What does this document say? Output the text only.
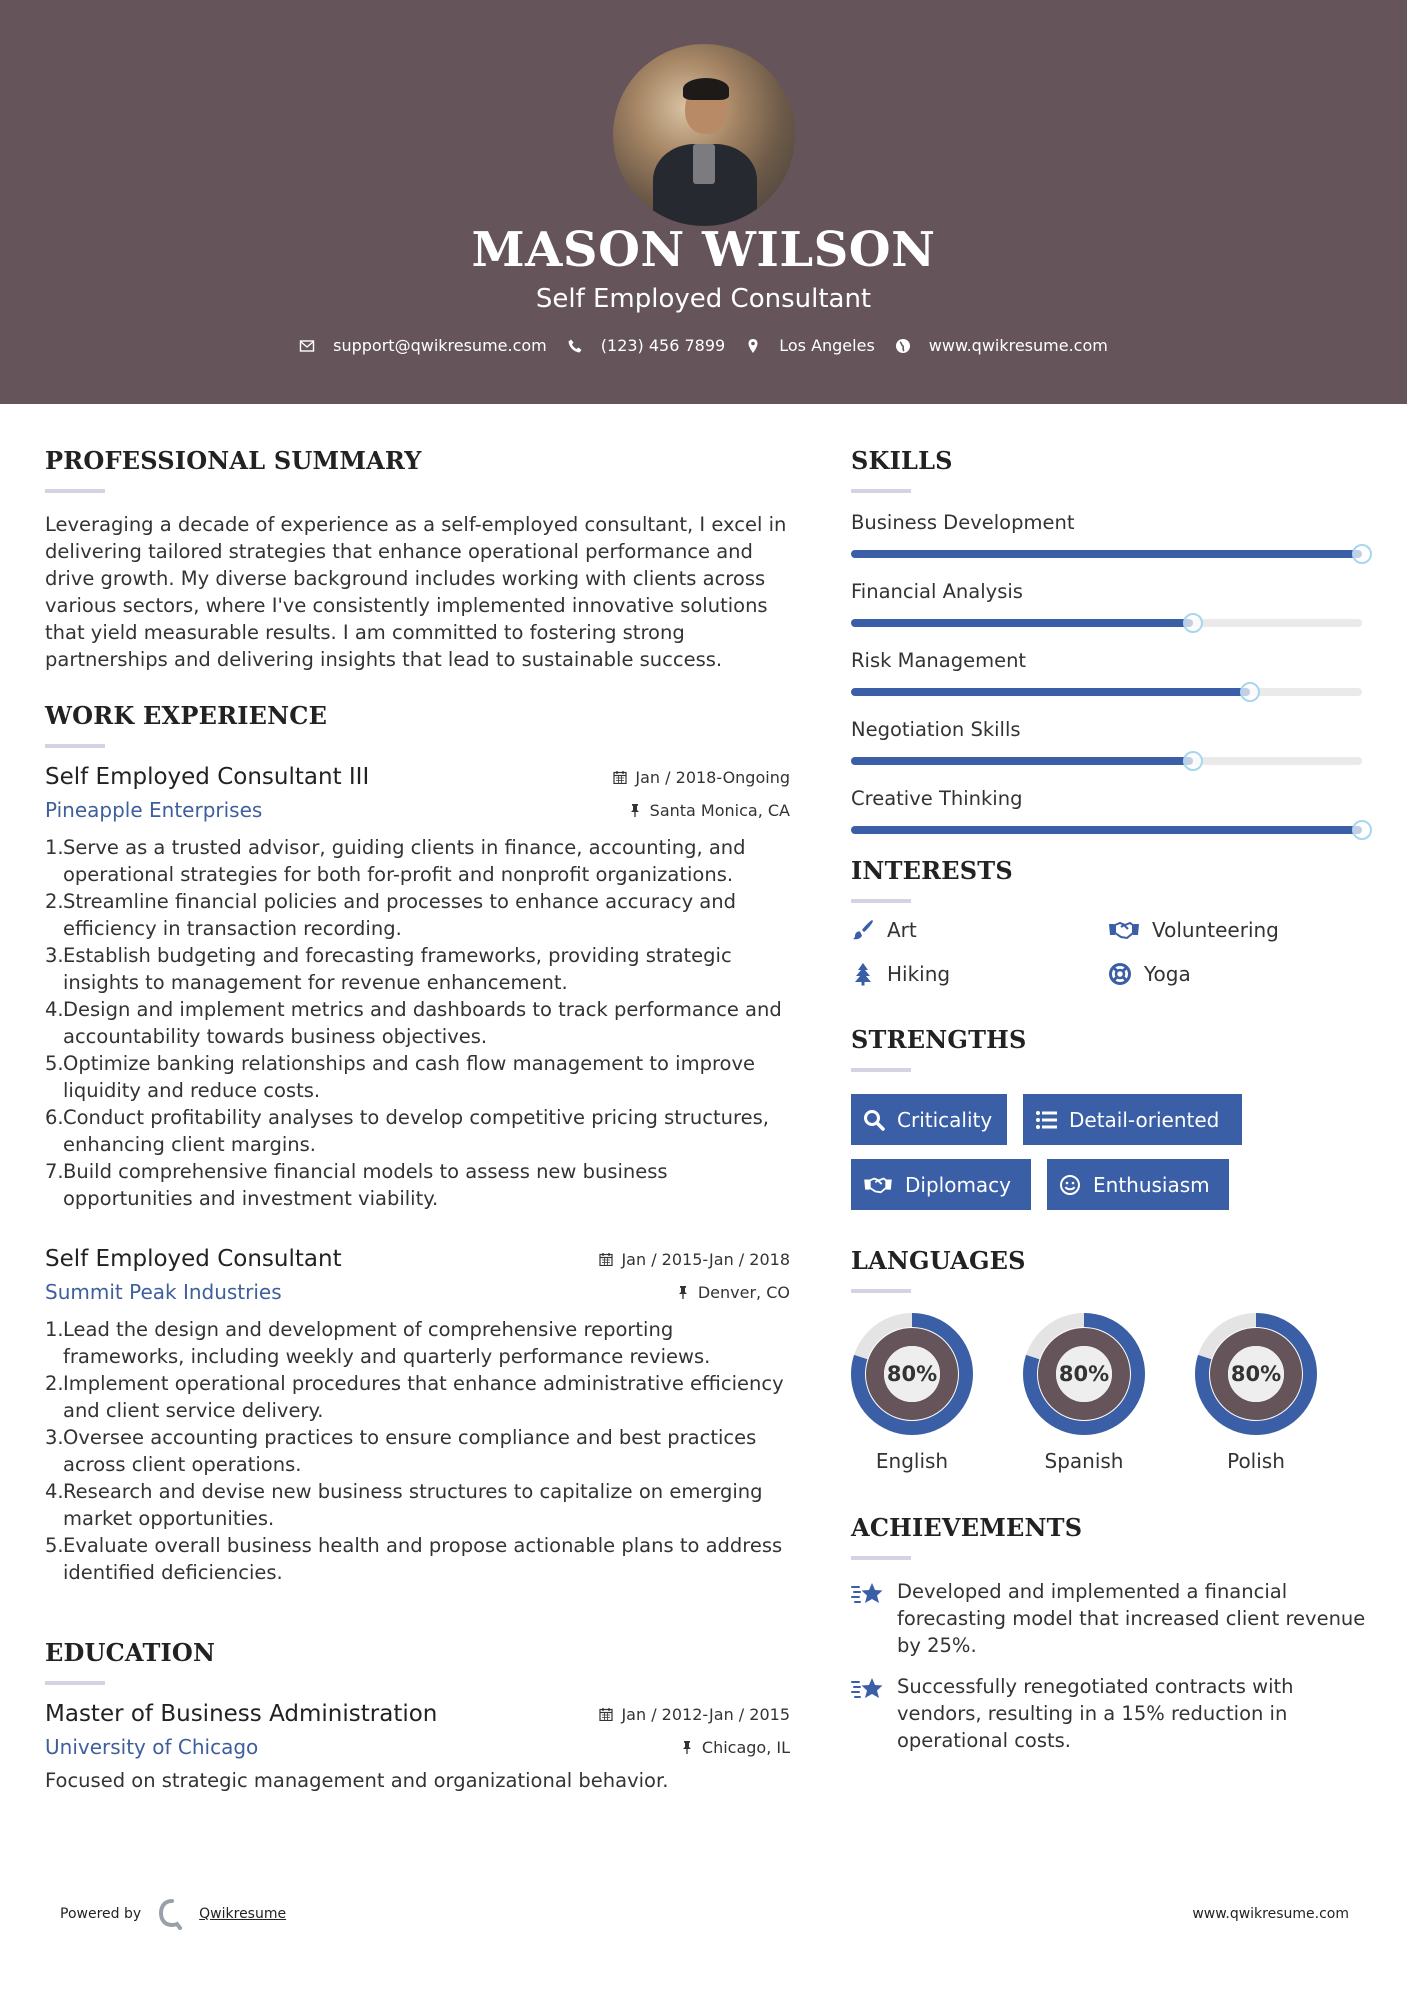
MASON WILSON
Self Employed Consultant
support@qwikresume.com	(123) 456 7899	Los Angeles	www.qwikresume.com
PROFESSIONAL SUMMARY

Leveraging a decade of experience as a self-employed consultant, I excel in delivering tailored strategies that enhance operational performance and drive growth. My diverse background includes working with clients across various sectors, where I've consistently implemented innovative solutions that yield measurable results. I am committed to fostering strong partnerships and delivering insights that lead to sustainable success.

WORK EXPERIENCE
Self Employed Consultant III	Jan / 2018-Ongoing
Pineapple Enterprises	Santa Monica, CA
1. Serve as a trusted advisor, guiding clients in finance, accounting, and operational strategies for both for-profit and nonprofit organizations.
2. Streamline financial policies and processes to enhance accuracy and efficiency in transaction recording.
3. Establish budgeting and forecasting frameworks, providing strategic insights to management for revenue enhancement.
4. Design and implement metrics and dashboards to track performance and accountability towards business objectives.
5. Optimize banking relationships and cash flow management to improve liquidity and reduce costs.
6. Conduct profitability analyses to develop competitive pricing structures, enhancing client margins.
7. Build comprehensive financial models to assess new business opportunities and investment viability.
Self Employed Consultant	Jan / 2015-Jan / 2018
Summit Peak Industries	Denver, CO
1. Lead the design and development of comprehensive reporting frameworks, including weekly and quarterly performance reviews.
2. Implement operational procedures that enhance administrative efficiency and client service delivery.
3. Oversee accounting practices to ensure compliance and best practices across client operations.
4. Research and devise new business structures to capitalize on emerging market opportunities.
5. Evaluate overall business health and propose actionable plans to address identified deficiencies.
EDUCATION
Master of Business Administration	Jan / 2012-Jan / 2015
University of Chicago	Chicago, IL

Focused on strategic management and organizational behavior.

SKILLS
Business Development
Financial Analysis
Risk Management
Negotiation Skills
Creative Thinking
INTERESTS
Art	Volunteering
Hiking	Yoga
STRENGTHS
Criticality	Detail-oriented
Diplomacy	Enthusiasm
LANGUAGES
80%
English
80%
Spanish
80%
Polish
ACHIEVEMENTS
Developed and implemented a financial forecasting model that increased client revenue by 25%.
Successfully renegotiated contracts with vendors, resulting in a 15% reduction in operational costs.
Powered by	Qwikresume	www.qwikresume.com
